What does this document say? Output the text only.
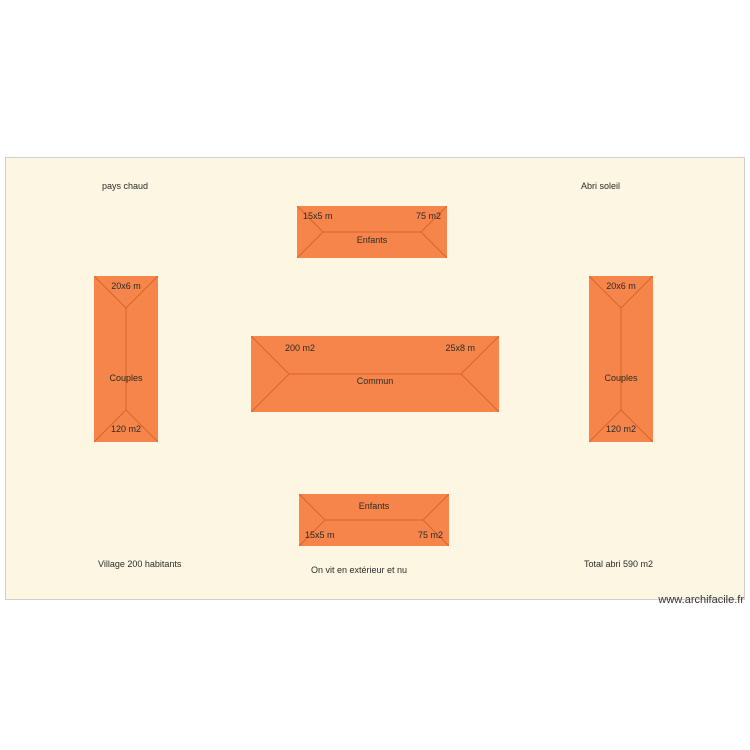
pays chaud	Abri soleil
Village 200 habitants
On vit en extérieur et nu
Total abri 590 m2
15x5 m	75 m2
Enfants
20x6 m
Couples
120 m2
20x6 m
Couples
120 m2
200 m2	25x8 m
Commun
Enfants
15x5 m	75 m2
www.archifacile.fr
